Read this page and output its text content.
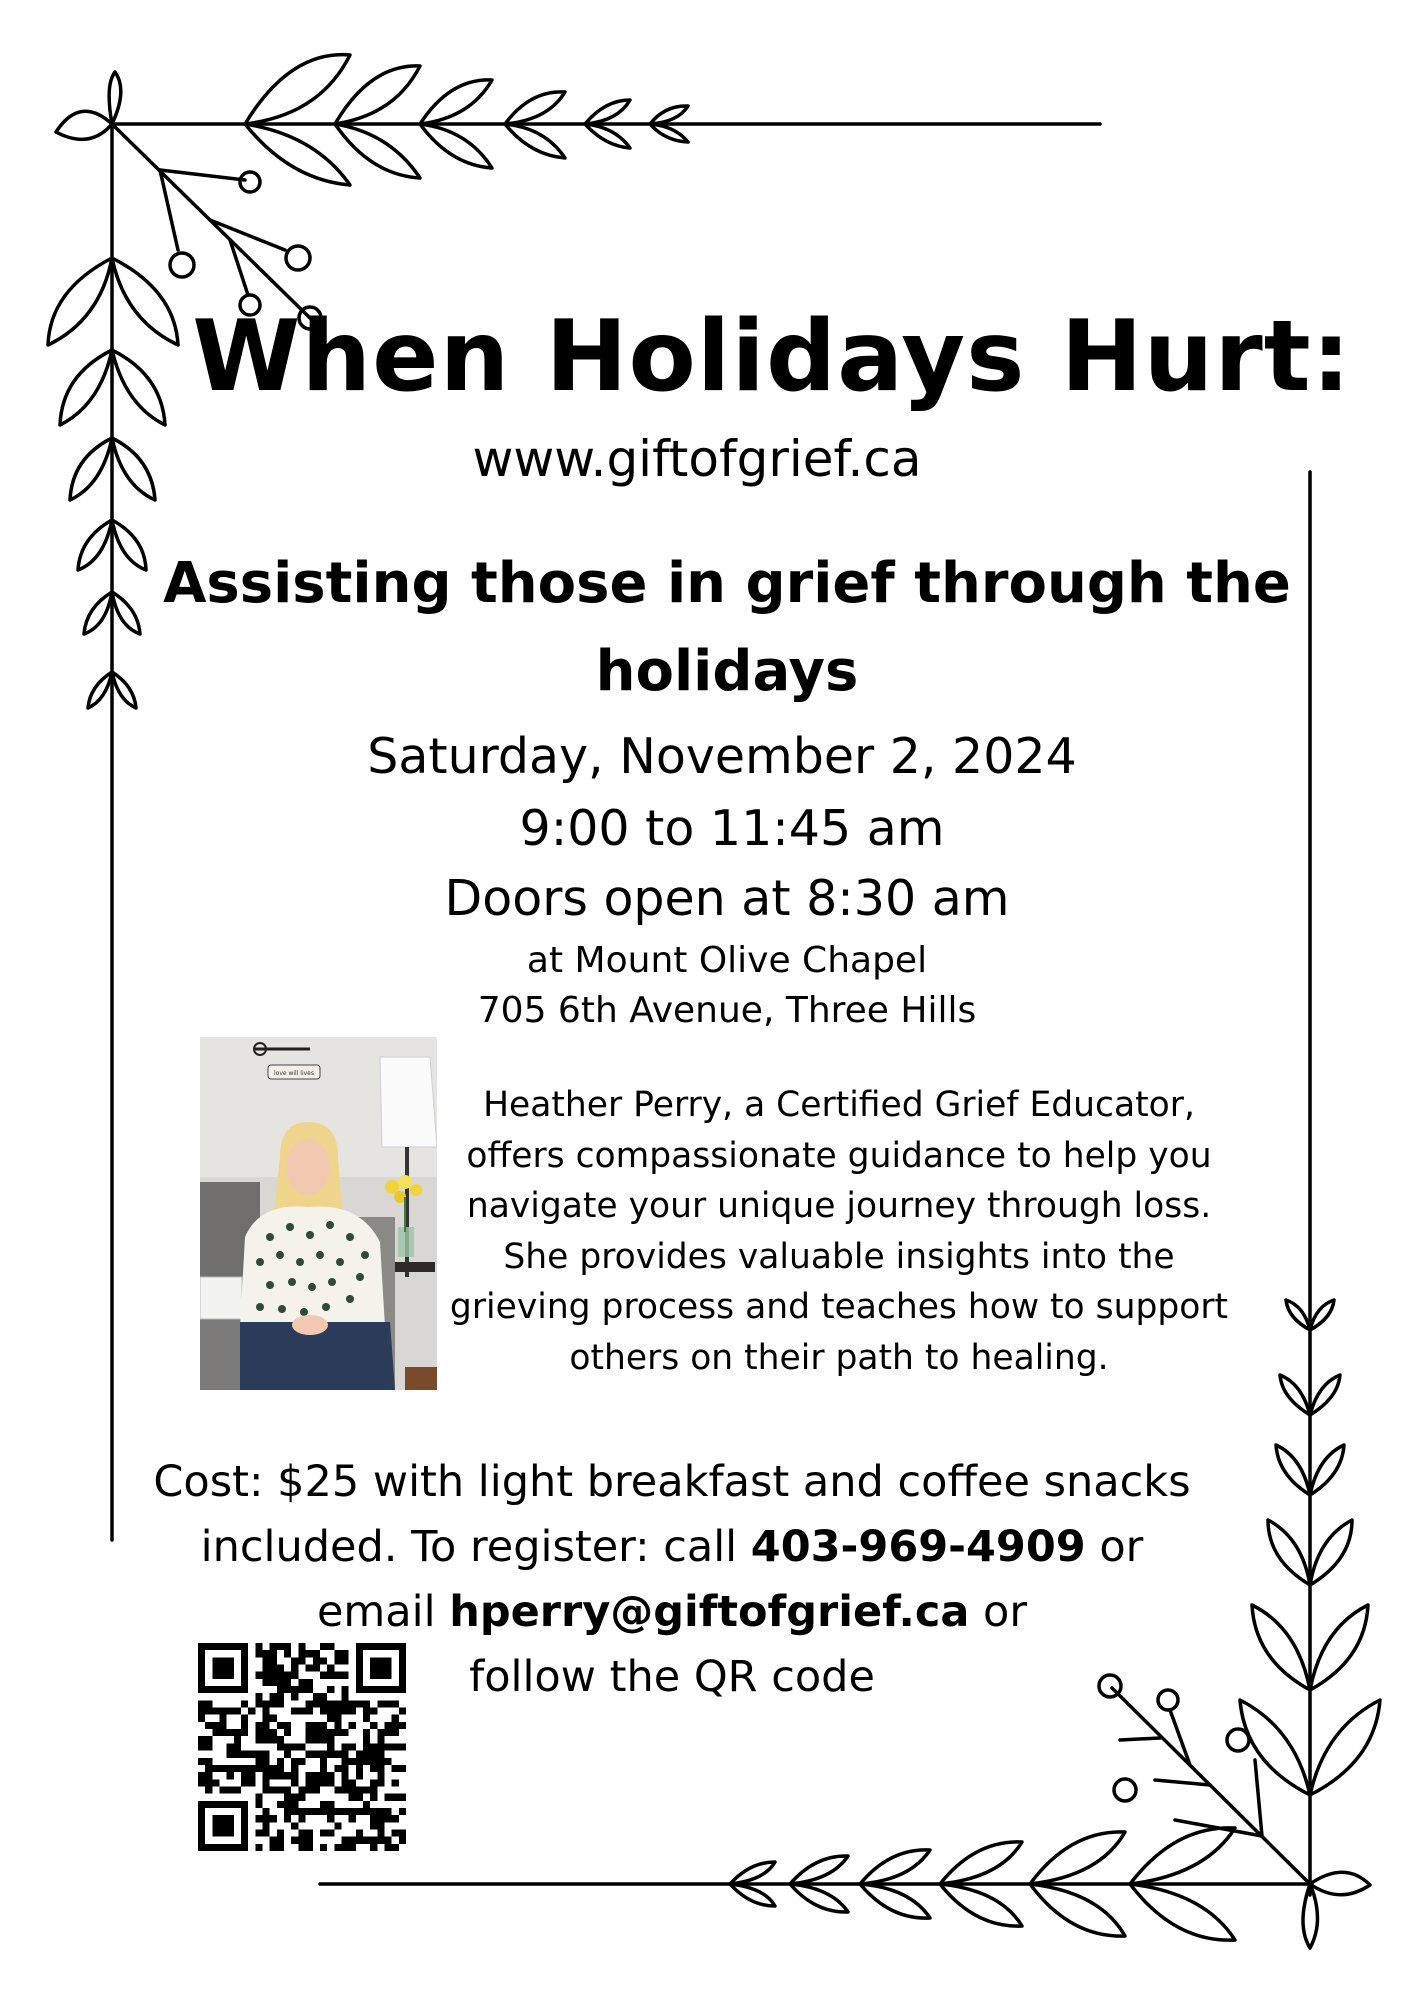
When Holidays Hurt:
www.giftofgrief.ca
Assisting those in grief through the
holidays
Saturday, November 2, 2024
9:00 to 11:45 am
Doors open at 8:30 am
at Mount Olive Chapel
705 6th Avenue, Three Hills
love will lives

Heather Perry, a Certified Grief Educator,

offers compassionate guidance to help you

navigate your unique journey through loss.

She provides valuable insights into the

grieving process and teaches how to support

others on their path to healing.

Cost: $25 with light breakfast and coffee snacks

included. To register: call 403-969-4909 or

email hperry@giftofgrief.ca or

follow the QR code
